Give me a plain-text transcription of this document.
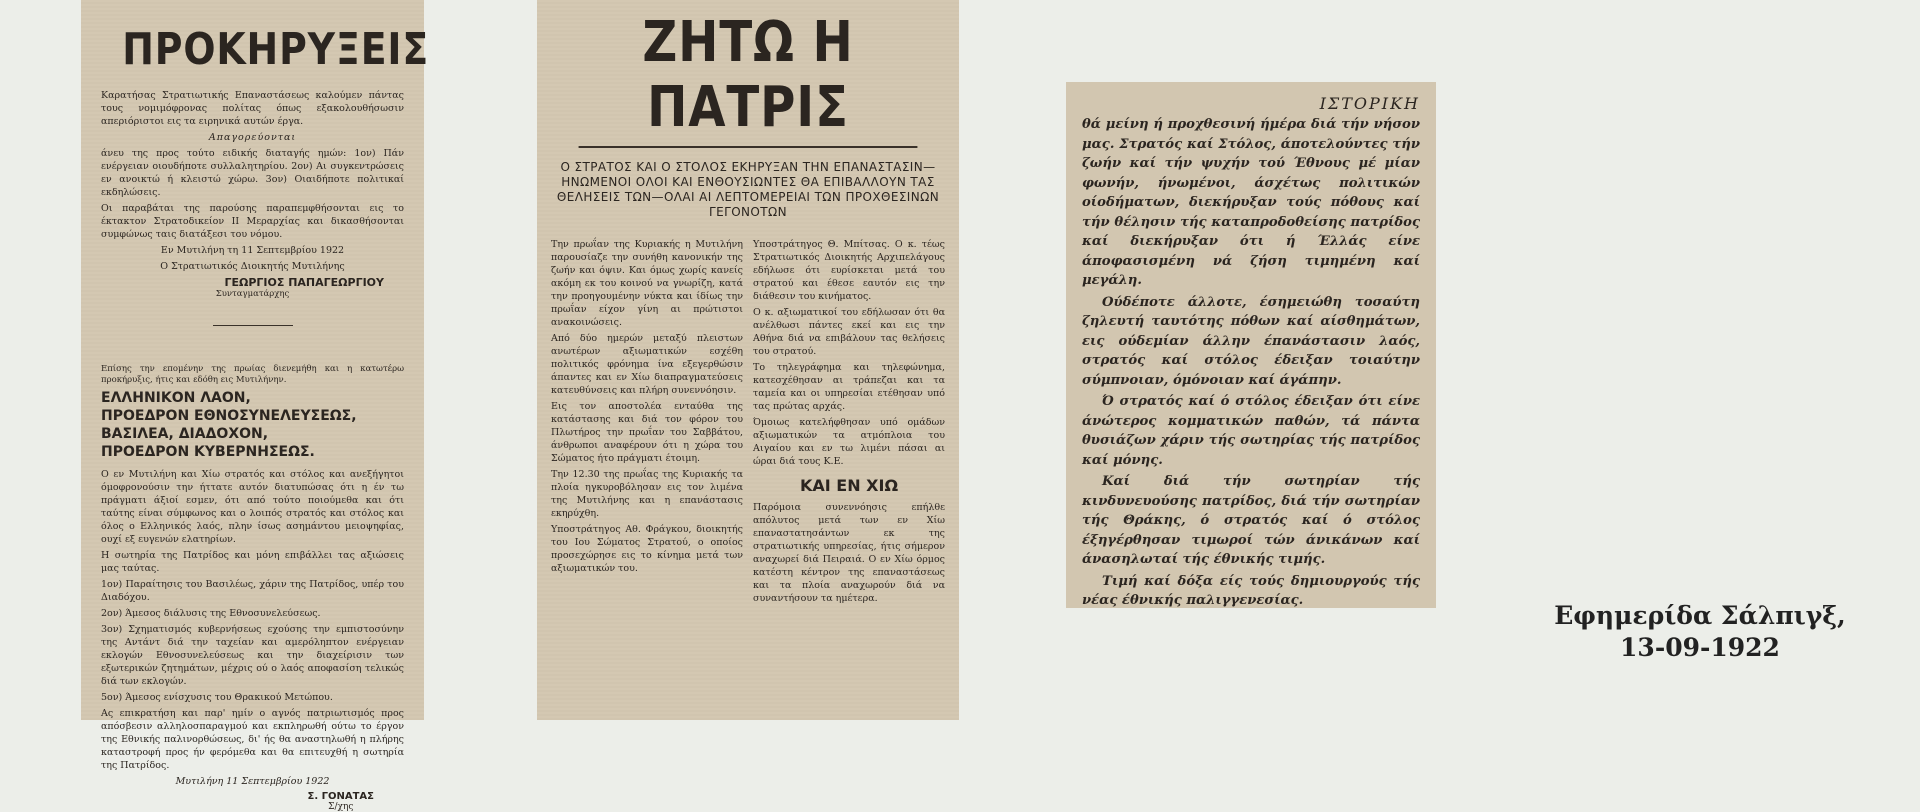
ΠΡΟΚΗΡΥΞΕΙΣ

Καρατήσας Στρατιωτικής Επαναστάσεως καλούμεν πάντας τους νομιμόφρονας πολίτας όπως εξακολουθήσωσιν απεριόριστοι εις τα ειρηνικά αυτών έργα.

Απαγορεύονται

άνευ της προς τούτο ειδικής διαταγής ημών: 1ον) Πάν ενέργειαν οιουδήποτε συλλαλητηρίου. 2ον) Αι συγκεντρώσεις εν ανοικτώ ή κλειστώ χώρω. 3ον) Οιαιδήποτε πολιτικαί εκδηλώσεις.

Οι παραβάται της παρούσης παραπεμφθήσονται εις το έκτακτον Στρατοδικείον ΙΙ Μεραρχίας και δικασθήσονται συμφώνως ταις διατάξεσι του νόμου.

Εν Μυτιλήνη τη 11 Σεπτεμβρίου 1922

Ο Στρατιωτικός Διοικητής Μυτιλήνης

ΓΕΩΡΓΙΟΣ ΠΑΠΑΓΕΩΡΓΙΟΥ

Συνταγματάρχης

Επίσης την επομένην της πρωίας διενεμήθη και η κατωτέρω προκήρυξις, ήτις και εδόθη εις Μυτιλήνην.

ΕΛΛΗΝΙΚΟΝ ΛΑΟΝ,
ΠΡΟΕΔΡΟΝ ΕΘΝΟΣΥΝΕΛΕΥΣΕΩΣ,
ΒΑΣΙΛΕΑ, ΔΙΑΔΟΧΟΝ,
ΠΡΟΕΔΡΟΝ ΚΥΒΕΡΝΗΣΕΩΣ.

Ο εν Μυτιλήνη και Χίω στρατός και στόλος και ανεξήγητοι όμοφρονούσιν την ήττατε αυτόν διατυπώσας ότι η έν τω πράγματι άξιοί εσμεν, ότι από τούτο ποιούμεθα και ότι ταύτης είναι σύμφωνος και ο λοιπός στρατός και στόλος και όλος ο Ελληνικός λαός, πλην ίσως ασημάντου μειοψηφίας, ουχί εξ ευγενών ελατηρίων.

Η σωτηρία της Πατρίδος και μόνη επιβάλλει τας αξιώσεις μας ταύτας.

1ον) Παραίτησις του Βασιλέως, χάριν της Πατρίδος, υπέρ του Διαδόχου.

2ον) Άμεσος διάλυσις της Εθνοσυνελεύσεως.

3ον) Σχηματισμός κυβερνήσεως εχούσης την εμπιστοσύνην της Αντάντ διά την ταχείαν και αμερόληπτον ενέργειαν εκλογών Εθνοσυνελεύσεως και την διαχείρισιν των εξωτερικών ζητημάτων, μέχρις ού ο λαός αποφασίση τελικώς διά των εκλογών.

5ον) Άμεσος ενίσχυσις του Θρακικού Μετώπου.

Ας επικρατήση και παρ' ημίν ο αγνός πατριωτισμός προς απόσβεσιν αλληλοσπαραγμού και εκπληρωθή ούτω το έργον της Εθνικής παλινορθώσεως, δι' ής θα αναστηλωθή η πλήρης καταστροφή προς ήν φερόμεθα και θα επιτευχθή η σωτηρία της Πατρίδος.

Μυτιλήνη 11 Σεπτεμβρίου 1922

Σ. ΓΟΝΑΤΑΣ
Σ/χης
ΖΗΤΩ Η ΠΑΤΡΙΣ
Ο ΣΤΡΑΤΟΣ ΚΑΙ Ο ΣΤΟΛΟΣ ΕΚΗΡΥΞΑΝ ΤΗΝ ΕΠΑΝΑΣΤΑΣΙΝ—ΗΝΩΜΕΝΟΙ ΟΛΟΙ ΚΑΙ ΕΝΘΟΥΣΙΩΝΤΕΣ ΘΑ ΕΠΙΒΑΛΛΟΥΝ ΤΑΣ ΘΕΛΗΣΕΙΣ ΤΩΝ—ΟΛΑΙ ΑΙ ΛΕΠΤΟΜΕΡΕΙΑΙ ΤΩΝ ΠΡΟΧΘΕΣΙΝΩΝ ΓΕΓΟΝΟΤΩΝ

Την πρωΐαν της Κυριακής η Μυτιλήνη παρουσίαζε την συνήθη κανονικήν της ζωήν και όψιν. Και όμως χωρίς κανείς ακόμη εκ του κοινού να γνωρίζη, κατά την προηγουμένην νύκτα και ίδίως την πρωΐαν είχον γίνη αι πρώτιστοι ανακοινώσεις.

Από δύο ημερών μεταξύ πλειστων ανωτέρων αξιωματικών εσχέθη πολιτικός φρόνημα ίνα εξεγερθώσιν άπαντες και εν Χίω διαπραγματεύσεις κατευθύνσεις και πλήρη συνεννόησιν.

Εις τον αποστολέα ενταύθα της κατάστασης και διά τον φόρον του Πλωτήρος την πρωΐαν του Σαββάτου, άνθρωποι αναφέρουν ότι η χώρα του Σώματος ήτο πράγματι έτοιμη.

Την 12.30 της πρωΐας της Κυριακής τα πλοία ηγκυροβόλησαν εις τον λιμένα της Μυτιλήνης και η επανάστασις εκηρύχθη.

Υποστράτηγος Αθ. Φράγκου, διοικητής του Ιου Σώματος Στρατού, ο οποίος προσεχώρησε εις το κίνημα μετά των αξιωματικών του.

Υποστράτηγος Θ. Μπίτσας. Ο κ. τέως Στρατιωτικός Διοικητής Αρχιπελάγους εδήλωσε ότι ευρίσκεται μετά του στρατού και έθεσε εαυτόν εις την διάθεσιν του κινήματος.

Ο κ. αξιωματικοί του εδήλωσαν ότι θα ανέλθωσι πάντες εκεί και εις την Αθήνα διά να επιβάλουν τας θελήσεις του στρατού.

Το τηλεγράφημα και τηλεφώνημα, κατεσχέθησαν αι τράπεζαι και τα ταμεία και οι υπηρεσίαι ετέθησαν υπό τας πρώτας αρχάς.

Όμοιως κατελήφθησαν υπό ομάδων αξιωματικών τα ατμόπλοια του Αιγαίου και εν τω λιμένι πάσαι αι ώραι διά τους Κ.Ε.

ΚΑΙ ΕΝ ΧΙΩ

Παρόμοια συνεννόησις επήλθε απόλυτος μετά των εν Χίω επαναστατησάντων εκ της στρατιωτικής υπηρεσίας, ήτις σήμερον αναχωρεί διά Πειραιά. Ο εν Χίω όρμος κατέστη κέντρον της επαναστάσεως και τα πλοία αναχωρούν διά να συναντήσουν τα ημέτερα.

ΙΣΤΟΡΙΚΗ

θά μείνη ή προχθεσινή ήμέρα διά τήν νήσον μας. Στρατός καί Στόλος, άποτελούντες τήν ζωήν καί τήν ψυχήν τού Έθνους μέ μίαν φωνήν, ήνωμένοι, άσχέτως πολιτικών οίοδήματων, διεκήρυξαν τούς πόθους καί τήν θέλησιν τής καταπροδοθείσης πατρίδος καί διεκήρυξαν ότι ή Έλλάς είνε άποφασισμένη νά ζήση τιμημένη καί μεγάλη.

Ούδέποτε άλλοτε, έσημειώθη τοσαύτη ζηλευτή ταυτότης πόθων καί αίσθημάτων, εις ούδεμίαν άλλην έπανάστασιν λαός, στρατός καί στόλος έδειξαν τοιαύτην σύμπνοιαν, όμόνοιαν καί άγάπην.

Ό στρατός καί ό στόλος έδειξαν ότι είνε άνώτερος κομματικών παθών, τά πάντα θυσιάζων χάριν τής σωτηρίας τής πατρίδος καί μόνης.

Καί διά τήν σωτηρίαν τής κινδυνευούσης πατρίδος, διά τήν σωτηρίαν τής Θράκης, ό στρατός καί ό στόλος έξηγέρθησαν τιμωροί τών άνικάνων καί άνασηλωταί τής έθνικής τιμής.

Τιμή καί δόξα είς τούς δημιουργούς τής νέας έθνικής παλιγγενεσίας.

Εφημερίδα Σάλπιγξ,
13-09-1922
